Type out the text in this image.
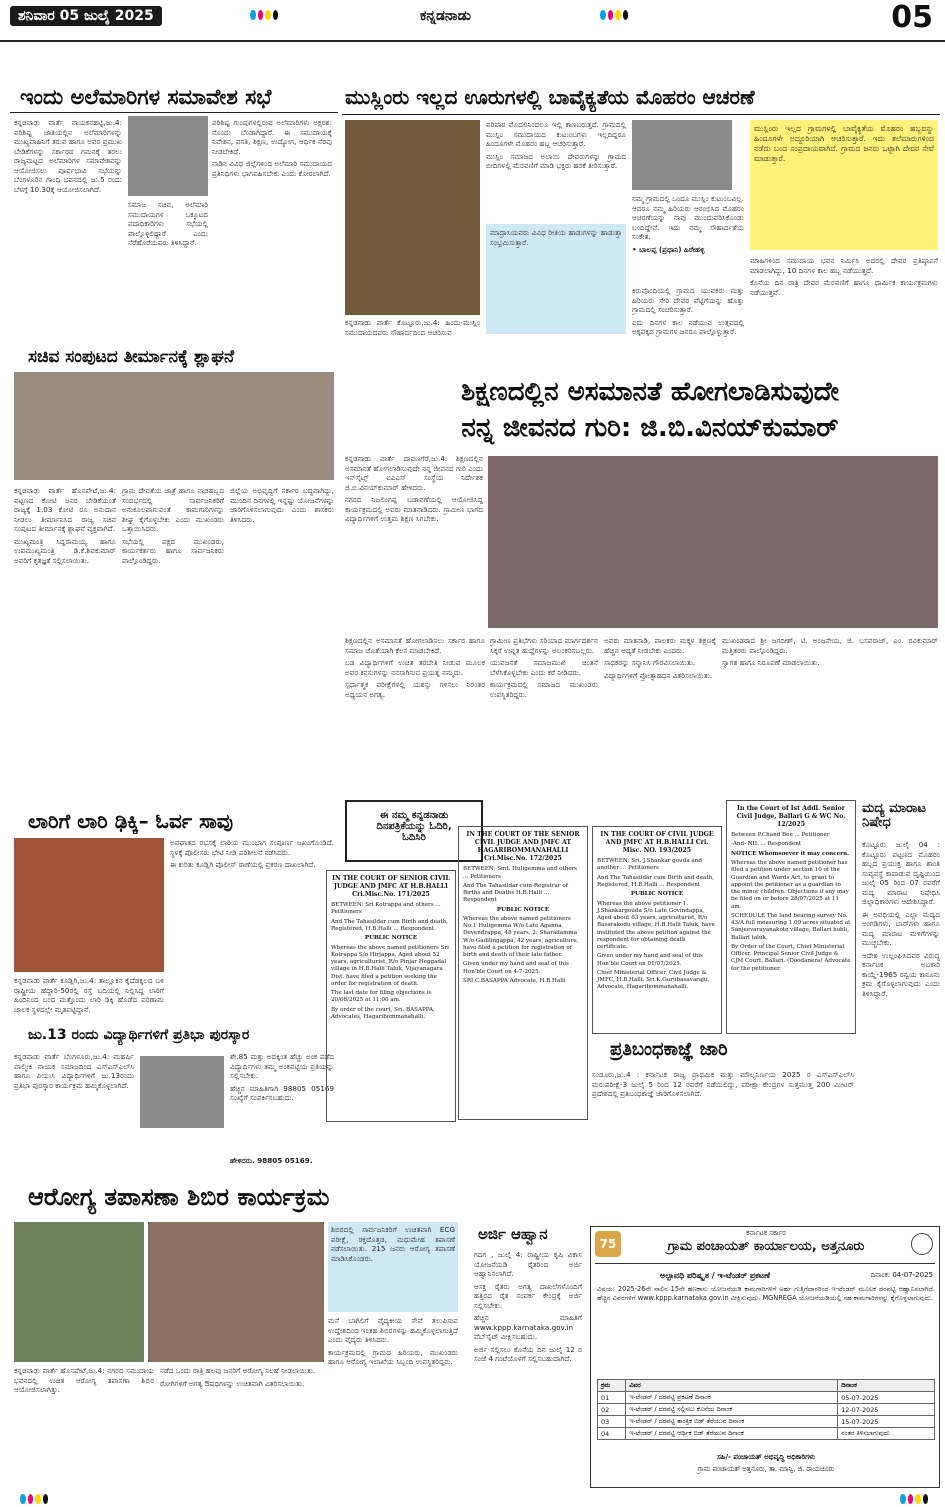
ಶನಿವಾರ 05 ಜುಲೈ 2025	ಕನ್ನಡನಾಡು	05
ಇಂದು ಅಲೆಮಾರಿಗಳ ಸಮಾವೇಶ ಸಭೆ

ಕನ್ನಡನಾಡು ವಾರ್ತೆ ನಾಯಕನಹಟ್ಟಿ,ಜು.4: ಪರಿಶಿಷ್ಟ ಜಾತಿಯಲ್ಲಿನ ಅಲೆಮಾರಿಗಳನ್ನು ಮುಖ್ಯವಾಹಿನಿಗೆ ತರುವ ಹಾಗೂ ಅವರ ಪ್ರಮುಖ ಬೇಡಿಕೆಗಳನ್ನು ಸರ್ಕಾರದ ಗಮನಕ್ಕೆ ತರಲು ರಾಜ್ಯಮಟ್ಟದ ಅಲೆಮಾರಿಗಳ ಸಮಾವೇಶವನ್ನು ಆಯೋಜಿಸಲು ಪೂರ್ವಭಾವಿ ಸಭೆಯನ್ನು ಬೆಂಗಳೂರಿನ ಗಾಂಧಿ ಭವನದಲ್ಲಿ ಜು.5 ರಂದು ಬೆಳಗ್ಗೆ 10.30ಕ್ಕೆ ಆಯೋಜಿಸಲಾಗಿದೆ.

ಪರಿಶಿಷ್ಟ ಗುಂಪುಗಳಲ್ಲಿರುವ ಅಲೆಮಾರಿಗಳು ಅಕ್ಷರಶ: ನೊಂದು ಬೆಂಡಾಗಿದ್ದಾರೆ. ಈ ಸಮುದಾಯಕ್ಕೆ ನಿವೇಶನ, ವಸತಿ, ಶಿಕ್ಷಣ, ಉದ್ಯೋಗ, ಆರ್ಥಿಕ ನೆರವು ನೀಡಬೇಕಿದೆ.

ನಾಡಿನ ವಿವಿಧ ಜಿಲ್ಲೆಗಳಿಂದ ಅಲೆಮಾರಿ ಸಮುದಾಯದ ಪ್ರತಿನಿಧಿಗಳು ಭಾಗವಹಿಸಬೇಕು ಎಂದು ಕೋರಲಾಗಿದೆ.

ಸಮಾಜ ಸಚಿವ, ಅಲೆಮಾರಿ ಸಮುದಾಯಗಳ ಒಕ್ಕೂಟದ ಪದಾಧಿಕಾರಿಗಳು ಸಭೆಯಲ್ಲಿ ಪಾಲ್ಗೊಳ್ಳಲಿದ್ದಾರೆ ಎಂದು ನೆರೆಹೊರೆಯವರು ತಿಳಿಸಿದ್ದಾರೆ.

ಮುಸ್ಲಿಂರು ಇಲ್ಲದ ಊರುಗಳಲ್ಲಿ ಬಾವೈಕ್ಯತೆಯ ಮೊಹರಂ ಆಚರಣೆ
ಕನ್ನಡನಾಡು ವಾರ್ತೆ ಕೊಟ್ಟೂರು,ಜು.4: ಹಿಂದು-ಮುಸ್ಲಿಂ ಸಮುದಾಯದವರು ಸೌಹಾರ್ದದಿಂದ ಆಚರಿಸುವ

ಪರಿಪಾಠ ಮೊದಲಿನಿಂದಲೂ ಇಲ್ಲಿ ಕಾಣಬರುತ್ತದೆ. ಗ್ರಾಮದಲ್ಲಿ ಮುಸ್ಲಿಂ ಸಮುದಾಯದ ಕುಟುಂಬಗಳು ಇಲ್ಲದಿದ್ದರೂ ಹಿಂದೂಗಳೇ ಮೊಹರಂ ಹಬ್ಬ ಆಚರಿಸುತ್ತಾರೆ.

ಮುಸ್ಲಿಂ ಸಮಾಜದ ಅಲಾಯಿ ದೇವರುಗಳನ್ನು ಗ್ರಾಮದ ಬೀದಿಗಳಲ್ಲಿ ಮೆರವಣಿಗೆ ಮಾಡಿ ಭಕ್ತರು ಹರಕೆ ತೀರಿಸುತ್ತಾರೆ.

ಮಾದ್ರಾಸಿಯವರು ವಿವಿಧ ರೀತಿಯ ಹಾಡುಗಳನ್ನು ಹಾಡುತ್ತಾ ಸಂಭ್ರಮಿಸುತ್ತಾರೆ.

ನಮ್ಮ ಗ್ರಾಮದಲ್ಲಿ ಒಂದೂ ಮುಸ್ಲಿಂ ಕುಟುಂಬವಿಲ್ಲ. ಆದರೂ ನಮ್ಮ ಹಿರಿಯರು ಆರಂಭಿಸಿದ ಮೊಹರಂ ಆಚರಣೆಯನ್ನು ನಾವು ಮುಂದುವರಿಸಿಕೊಂಡು ಬಂದಿದ್ದೇವೆ. ಇದು ನಮ್ಮ ಸೌಹಾರ್ದತೆಯ ಸಂಕೇತ.

• ಬಾಲಪ್ಪ (ಪ್ರಧಾನಿ) ಹಿರೇಹಳ್ಳಿ

ಕಿರುವೊಂದಿಯಲ್ಲಿ ಗ್ರಾಮದ ಯುವಕರು ಮತ್ತು ಹಿರಿಯರು ಸೇರಿ ದೇವರ ಪೆಟ್ಟಿಗೆಯನ್ನು ಹೊತ್ತು ಗ್ರಾಮದಲ್ಲಿ ಸಂಚರಿಸುತ್ತಾರೆ.

ಐದು ದಿನಗಳ ಕಾಲ ನಡೆಯುವ ಉತ್ಸವದಲ್ಲಿ ಅಕ್ಕಪಕ್ಕದ ಗ್ರಾಮಗಳ ಜನರೂ ಪಾಲ್ಗೊಳ್ಳುತ್ತಾರೆ.

ಮುಸ್ಲಿಂರು ಇಲ್ಲದ ಗ್ರಾಮಗಳಲ್ಲಿ ಬಾವೈಕ್ಯತೆಯ ಮೊಹರಂ ಹಬ್ಬವನ್ನು ಹಿಂದೂಗಳೇ ಅದ್ದೂರಿಯಾಗಿ ಆಚರಿಸುತ್ತಾರೆ. ಇದು ತಲೆಮಾರುಗಳಿಂದ ನಡೆದು ಬಂದ ಸಂಪ್ರದಾಯವಾಗಿದೆ. ಗ್ರಾಮದ ಜನರು ಒಟ್ಟಾಗಿ ದೇವರ ಸೇವೆ ಮಾಡುತ್ತಾರೆ.

ಮಾಹಿಗಳಿಂದ ಸಮುದಾಯ ಭವನ ನಿರ್ಮಿಸಿ ಅದರಲ್ಲಿ ದೇವರ ಪ್ರತಿಷ್ಠಾಪನೆ ಮಾಡಲಾಗಿದ್ದು, 10 ದಿನಗಳ ಕಾಲ ಹಬ್ಬ ನಡೆಯುತ್ತದೆ.

ಕೊನೆಯ ದಿನ ರಾತ್ರಿ ದೇವರ ಮೆರವಣಿಗೆ ಹಾಗೂ ಧಾರ್ಮಿಕ ಕಾರ್ಯಕ್ರಮಗಳು ನಡೆಯುತ್ತವೆ.

ಸಚಿವ ಸಂಪುಟದ ತೀರ್ಮಾನಕ್ಕೆ ಶ್ಲಾಘನೆ

ಕನ್ನಡನಾಡು ವಾರ್ತೆ ಹೊಸಪೇಟೆ,ಜು.4: ಪಟ್ಟಣದ ಕೋಟಿ ಜನರ ಬೇಡಿಕೆಯಂತೆ ರಾಜ್ಯಕ್ಕೆ 1.03 ಕೋಟಿ ರೂ ಅನುದಾನ ನೀಡಲು ತೀರ್ಮಾನಿಸಿದ ರಾಜ್ಯ ಸಚಿವ ಸಂಪುಟದ ತೀರ್ಮಾನಕ್ಕೆ ಶ್ಲಾಘನೆ ವ್ಯಕ್ತವಾಗಿದೆ.

ಮುಖ್ಯಮಂತ್ರಿ ಸಿದ್ದರಾಮಯ್ಯ ಹಾಗೂ ಉಪಮುಖ್ಯಮಂತ್ರಿ ಡಿ.ಕೆ.ಶಿವಕುಮಾರ್ ಅವರಿಗೆ ಕೃತಜ್ಞತೆ ಸಲ್ಲಿಸಲಾಯಿತು.

ಗ್ರಾಮ ದೇವತೆಯ ಜಾತ್ರೆ ಹಾಗೂ ನಾಡಹಬ್ಬದ ಸಂದರ್ಭದಲ್ಲಿ ಸಾರ್ವಜನಿಕರಿಗೆ ಅನುಕೂಲವಾಗುವಂತೆ ಕಾಮಗಾರಿಗಳನ್ನು ಶೀಘ್ರ ಕೈಗೊಳ್ಳಬೇಕು ಎಂದು ಮುಖಂಡರು ಒತ್ತಾಯಿಸಿದರು.

ಸಭೆಯಲ್ಲಿ ಪಕ್ಷದ ಮುಖಂಡರು, ಕಾರ್ಯಕರ್ತರು ಹಾಗೂ ಸಾರ್ವಜನಿಕರು ಪಾಲ್ಗೊಂಡಿದ್ದರು.

ಜಿಲ್ಲೆಯ ಅಭಿವೃದ್ಧಿಗೆ ಸರ್ಕಾರ ಬದ್ಧವಾಗಿದ್ದು, ಮುಂದಿನ ದಿನಗಳಲ್ಲಿ ಇನ್ನಷ್ಟು ಯೋಜನೆಗಳನ್ನು ಜಾರಿಗೊಳಿಸಲಾಗುವುದು ಎಂದು ಶಾಸಕರು ತಿಳಿಸಿದರು.

ಶಿಕ್ಷಣದಲ್ಲಿನ ಅಸಮಾನತೆ ಹೋಗಲಾಡಿಸುವುದೇ
ನನ್ನ ಜೀವನದ ಗುರಿ: ಜಿ.ಬಿ.ವಿನಯ್‌ಕುಮಾರ್

ಕನ್ನಡನಾಡು ವಾರ್ತೆ ದಾವಣಗೆರೆ,ಜು.4: ಶಿಕ್ಷಣದಲ್ಲಿನ ಅಸಮಾನತೆ ಹೋಗಲಾಡಿಸುವುದೇ ನನ್ನ ಜೀವನದ ಗುರಿ ಎಂದು ಇನ್‌ಸೈಟ್ಸ್ ಐಎಎಸ್ ಸಂಸ್ಥೆಯ ನಿರ್ದೇಶಕ ಜಿ.ಬಿ.ವಿನಯ್‌ಕುಮಾರ್ ಹೇಳಿದರು.

ನಗರದ ನಿಜಲಿಂಗಪ್ಪ ಬಡಾವಣೆಯಲ್ಲಿ ಆಯೋಜಿಸಿದ್ದ ಕಾರ್ಯಕ್ರಮದಲ್ಲಿ ಅವರು ಮಾತನಾಡಿದರು. ಗ್ರಾಮೀಣ ಭಾಗದ ವಿದ್ಯಾರ್ಥಿಗಳಿಗೆ ಉತ್ತಮ ಶಿಕ್ಷಣ ಸಿಗಬೇಕು.

ಶಿಕ್ಷಣದಲ್ಲಿನ ಅಸಮಾನತೆ ಹೋಗಲಾಡಿಸಲು ಸರ್ಕಾರ ಹಾಗೂ ಸಮಾಜ ಜೊತೆಯಾಗಿ ಕೆಲಸ ಮಾಡಬೇಕಿದೆ.

ಬಡ ವಿದ್ಯಾರ್ಥಿಗಳಿಗೆ ಉಚಿತ ತರಬೇತಿ ನೀಡುವ ಮೂಲಕ ಅವರ ಕನಸುಗಳನ್ನು ನನಸಾಗಿಸುವ ಪ್ರಯತ್ನ ನಮ್ಮದು.

ಸ್ಪರ್ಧಾತ್ಮಕ ಪರೀಕ್ಷೆಗಳಲ್ಲಿ ಯಶಸ್ಸು ಗಳಿಸಲು ನಿರಂತರ ಅಧ್ಯಯನ ಅಗತ್ಯ.

ಗ್ರಾಮೀಣ ಪ್ರತಿಭೆಗಳು ಸರಿಯಾದ ಮಾರ್ಗದರ್ಶನ ಸಿಕ್ಕರೆ ಉನ್ನತ ಹುದ್ದೆಗಳನ್ನು ಅಲಂಕರಿಸಬಲ್ಲರು.

ಯುವಜನತೆ ಸಮಾಜಮುಖಿ ಚಿಂತನೆ ಬೆಳೆಸಿಕೊಳ್ಳಬೇಕು ಎಂದು ಕರೆ ನೀಡಿದರು.

ಕಾರ್ಯಕ್ರಮದಲ್ಲಿ ಸಮಾಜದ ಮುಖಂಡರು ಉಪಸ್ಥಿತರಿದ್ದರು.

ಅವರು ಮಾತನಾಡಿ, ಪಾಲಕರು ಮಕ್ಕಳ ಶಿಕ್ಷಣಕ್ಕೆ ಹೆಚ್ಚಿನ ಆದ್ಯತೆ ನೀಡಬೇಕು ಎಂದರು.

ಸಾಧಕರನ್ನು ಸನ್ಮಾನಿಸಿ ಗೌರವಿಸಲಾಯಿತು.

ವಿದ್ಯಾರ್ಥಿಗಳಿಗೆ ಪ್ರೋತ್ಸಾಹಧನ ವಿತರಿಸಲಾಯಿತು.

ಮುಖಂಡರಾದ ಶ್ರೀ ಜಗದೀಶ್, ಟಿ. ಅಂಜನೇಯ, ಜಿ. ಬಸವರಾಜ್, ಎಂ. ರವಿಕುಮಾರ್ ಮತ್ತಿತರರು ಪಾಲ್ಗೊಂಡಿದ್ದರು.

ಸ್ವಾಗತ ಹಾಗೂ ನಿರೂಪಣೆ ಮಾಡಲಾಯಿತು.

ಲಾರಿಗೆ ಲಾರಿ ಢಿಕ್ಕಿ– ಓರ್ವ ಸಾವು

ಅಪಘಾತದ ರಭಸಕ್ಕೆ ಲಾರಿಯ ಮುಂಭಾಗ ಸಂಪೂರ್ಣ ಜಖಂಗೊಂಡಿದೆ. ಸ್ಥಳಕ್ಕೆ ಪೊಲೀಸರು ಭೇಟಿ ನೀಡಿ ಪರಿಶೀಲನೆ ನಡೆಸಿದರು.

ಈ ಕುರಿತು ಕೂಡ್ಲಿಗಿ ಪೊಲೀಸ್ ಠಾಣೆಯಲ್ಲಿ ಪ್ರಕರಣ ದಾಖಲಾಗಿದೆ.

ಕನ್ನಡನಾಡು ವಾರ್ತೆ ಕೂಡ್ಲಿಗಿ,ಜು.4: ತಾಲ್ಲೂಕಿನ ಕೈದೆಡಕ್ಕಲದ ಬಳಿ ರಾಷ್ಟ್ರೀಯ ಹೆದ್ದಾರಿ-50ರಲ್ಲಿ ರಸ್ತೆ ಬದಿಯಲ್ಲಿ ನಿಲ್ಲಿಸಿದ್ದ ಲಾರಿಗೆ ಹಿಂದಿನಿಂದ ಬಂದ ಮತ್ತೊಂದು ಲಾರಿ ಢಿಕ್ಕಿ ಹೊಡೆದ ಪರಿಣಾಮ ಚಾಲಕ ಸ್ಥಳದಲ್ಲೇ ಮೃತಪಟ್ಟಿದ್ದಾನೆ.

ಜು.13 ರಂದು ವಿದ್ಯಾರ್ಥಿಗಳಿಗೆ ಪ್ರತಿಭಾ ಪುರಸ್ಕಾರ

ಕನ್ನಡನಾಡು ವಾರ್ತೆ ಬೆಂಗಳೂರು,ಜು.4: ಮಹರ್ಷಿ ವಾಲ್ಮೀಕಿ ನಾಯಕ ಸಮಾಜದಿಂದ ಎಸ್ಎಸ್ಎಲ್‌ಸಿ ಹಾಗೂ ಪಿಯುಸಿ ವಿದ್ಯಾರ್ಥಿಗಳಿಗೆ ಜು.13ರಂದು ಪ್ರತಿಭಾ ಪುರಸ್ಕಾರ ಕಾರ್ಯಕ್ರಮ ಹಮ್ಮಿಕೊಳ್ಳಲಾಗಿದೆ.

ಶೇ.85 ಮತ್ತು ಅದಕ್ಕಿಂತ ಹೆಚ್ಚು ಅಂಕ ಪಡೆದ ವಿದ್ಯಾರ್ಥಿಗಳು ತಮ್ಮ ಅಂಕಪಟ್ಟಿಯ ಪ್ರತಿಯನ್ನು ಸಲ್ಲಿಸಬೇಕು.

ಹೆಚ್ಚಿನ ಮಾಹಿತಿಗಾಗಿ 98805 05169 ಸಂಖ್ಯೆಗೆ ಸಂಪರ್ಕಿಸಬಹುದು.

ಹೇಳಿದರು. 98805 05169.
ಈ ನಮ್ಮ ಕನ್ನಡನಾಡು
ದಿನಪತ್ರಿಕೆಯನ್ನು ಓದಿರಿ,
ಓದಿಸಿರಿ
IN THE COURT OF SENIOR CIVIL JUDGE AND JMFC AT H.B.HALLI Cri.Misc.No. 171/2025

BETWEEN: Sri Kotrappa and others ... Petitioners

And The Tahasildar cum Birth and death, Registered, H.B.Halli ... Respondent

PUBLIC NOTICE

Whereas the above named petitioners Sri Kotrappa S/o Hirjappa, Aged about 52 years, agriculturist, R/o Pinjar Heggadal village in H.B.Halli Taluk, Vijayanagara Dist. have filed a petition seeking the order for registration of death.

The last date for filing objections is 20/08/2025 at 11:00 am.

By order of the court, Sri. BASAPPA, Advocates, Hagaribommanahalli.

IN THE COURT OF THE SENIOR CIVIL JUDGE AND JMFC AT HAGARIBOMMANAHALLI Cri.Misc.No. 172/2025

BETWEEN: Smt. Huligemma and others ... Petitioners

And The Tahasildar-cum-Registrar of Births and Deaths H.B.Halli ... Respondent

PUBLIC NOTICE

Whereas the above named petitioners No.1 Huligemma W/o Late Aganna Devendrappa, 48 years, 2. Sharadamma W/o Gadilingappa, 42 years, agriculture, have filed a petition for registration of birth and death of their late father.

Given under my hand and seal of this Hon'ble Court on 4-7-2025.

SRI.C.BASAPPA Advocate, H.B.Halli

IN THE COURT OF CIVIL JUDGE AND JMFC AT H.B.HALLI Cri. Misc. NO. 193/2025

BETWEEN: Sri. J.Shankar gouda and another ... Petitioners

And The Tahasildar cum Birth and death, Registered, H.B.Halli ... Respondent

PUBLIC NOTICE

Whereas the above petitioner 1. J.Shankargouda S/o Late Govindappa, Aged about 63 years, agriculturist, R/o Basarakodu village, H.B.Halli Taluk, have instituted the above petition against the respondent for obtaining death certificate.

Given under my hand and seal of this Hon'ble Court on 01/07/2025.

Chief Ministerial Officer, Civil Judge & JMFC, H.B.Halli. Sri.K.Gurubasavaraju, Advocate, Hagaribommanahalli.

In the Court of Ist Addl. Senior Civil Judge, Ballari G & WC No. 12/2025

Between P.Chand Bee ... Petitioner

-And- NIL ... Respondent

NOTICE Whomsoever it may concern.

Whereas the above named petitioner has filed a petition under section 10 of the Guardian and Wards Act, to grant to appoint the petitioner as a guardian to the minor children. Objections if any may be filed on or before 28/07/2025 at 11 am.

SCHEDULE The land bearing survey No. 43/A full measuring 1.09 acres situated at Sanjeevarayanakote village, Ballari hobli, Ballari taluk.

By Order of the Court, Chief Ministerial Officer, Principal Senior Civil Judge & CJM Court, Ballari. (Doodanera) Advocate for the petitioner.

ಮದ್ಯ ಮಾರಾಟ ನಿಷೇಧ

ಕೊಟ್ಟೂರು ಜುಲೈ 04 : ಕೊಟ್ಟೂರು ಪಟ್ಟಣದ ಮೊಹರಂ ಹಬ್ಬದ ಪ್ರಯುಕ್ತ ಹಾಗೂ ಶಾಂತಿ ಸುವ್ಯವಸ್ಥೆ ಕಾಪಾಡುವ ದೃಷ್ಟಿಯಿಂದ ಜುಲೈ 05 ರಿಂದ 07 ರವರೆಗೆ ಮದ್ಯ ಮಾರಾಟ ನಿಷೇಧಿಸಿ ಜಿಲ್ಲಾಧಿಕಾರಿಗಳು ಆದೇಶಿಸಿದ್ದಾರೆ.

ಈ ಅವಧಿಯಲ್ಲಿ ಎಲ್ಲಾ ಮದ್ಯದ ಅಂಗಡಿಗಳು, ಬಾರ್‌ಗಳು ಹಾಗೂ ಮದ್ಯ ಮಾರಾಟ ಮಳಿಗೆಗಳನ್ನು ಮುಚ್ಚಬೇಕು.

ಆದೇಶ ಉಲ್ಲಂಘಿಸಿದವರ ವಿರುದ್ಧ ಕರ್ನಾಟಕ ಅಬಕಾರಿ ಕಾಯ್ದೆ-1965 ರನ್ವಯ ಕಾನೂನು ಕ್ರಮ ಕೈಗೊಳ್ಳಲಾಗುವುದು ಎಂದು ತಿಳಿಸಿದ್ದಾರೆ.

ಪ್ರತಿಬಂಧಕಾಜ್ಞೆ ಜಾರಿ
ಸಂಡೂರು,ಜು.4 : ಕರ್ನಾಟಕ ರಾಜ್ಯ ಪ್ರಾಥಮಿಕ ಮತ್ತು ಮೌಲ್ಯನಿರ್ಣಯ 2025 ರ ಎಸ್ಎಸ್ಎಲ್‌ಸಿ ಮರುಪರೀಕ್ಷೆ-3 ಜುಲೈ 5 ರಿಂದ 12 ರವರೆಗೆ ನಡೆಯಲಿದ್ದು, ಪರೀಕ್ಷಾ ಕೇಂದ್ರಗಳ ಸುತ್ತಮುತ್ತ 200 ಮೀಟರ್ ಪ್ರದೇಶದಲ್ಲಿ ಪ್ರತಿಬಂಧಕಾಜ್ಞೆ ಜಾರಿಗೊಳಿಸಲಾಗಿದೆ.
ಆರೋಗ್ಯ ತಪಾಸಣಾ ಶಿಬಿರ ಕಾರ್ಯಕ್ರಮ
ಶಿಬಿರದಲ್ಲಿ ಸಾರ್ವಜನಿಕರಿಗೆ ಉಚಿತವಾಗಿ ECG ಪರೀಕ್ಷೆ, ರಕ್ತದೊತ್ತಡ, ಮಧುಮೇಹ ತಪಾಸಣೆ ನಡೆಸಲಾಯಿತು. 215 ಜನರು ಆರೋಗ್ಯ ತಪಾಸಣೆ ಮಾಡಿಸಿಕೊಂಡರು.
ಕನ್ನಡನಾಡು ವಾರ್ತೆ ಹೊಸಪೇಟೆ,ಜು.4: ನಗರದ ಸಮುದಾಯ ಭವನದಲ್ಲಿ ಉಚಿತ ಆರೋಗ್ಯ ತಪಾಸಣಾ ಶಿಬಿರ ಆಯೋಜಿಸಲಾಗಿತ್ತು.

ನಡೆದ ಒಂದು ರಾತ್ರಿ ಹಲವು ಜನರಿಗೆ ಆರೋಗ್ಯ ಸಲಹೆ ನೀಡಲಾಯಿತು.

ರೋಗಿಗಳಿಗೆ ಅಗತ್ಯ ಔಷಧಿಗಳನ್ನು ಉಚಿತವಾಗಿ ವಿತರಿಸಲಾಯಿತು.

ಮನೆ ಬಾಗಿಲಿಗೆ ವೈದ್ಯಕೀಯ ಸೇವೆ ತಲುಪಿಸುವ ಉದ್ದೇಶದಿಂದ ಇಂತಹ ಶಿಬಿರಗಳನ್ನು ಹಮ್ಮಿಕೊಳ್ಳಲಾಗುತ್ತಿದೆ ಎಂದು ವೈದ್ಯರು ತಿಳಿಸಿದರು.

ಕಾರ್ಯಕ್ರಮದಲ್ಲಿ ಗ್ರಾಮದ ಹಿರಿಯರು, ಮುಖಂಡರು ಹಾಗೂ ಆರೋಗ್ಯ ಇಲಾಖೆಯ ಸಿಬ್ಬಂದಿ ಉಪಸ್ಥಿತರಿದ್ದರು.

ಅರ್ಜಿ ಆಹ್ವಾನ

ಗದಗ , ಜುಲೈ 4: ರಾಷ್ಟ್ರೀಯ ಕೃಷಿ ವಿಕಾಸ ಯೋಜನೆಯಡಿ ರೈತರಿಂದ ಅರ್ಜಿ ಆಹ್ವಾನಿಸಲಾಗಿದೆ.

ಆಸಕ್ತ ರೈತರು ಅಗತ್ಯ ದಾಖಲೆಗಳೊಂದಿಗೆ ಹತ್ತಿರದ ರೈತ ಸಂಪರ್ಕ ಕೇಂದ್ರಕ್ಕೆ ಅರ್ಜಿ ಸಲ್ಲಿಸಬೇಕು.

ಹೆಚ್ಚಿನ ಮಾಹಿತಿಗೆ www.kppp.karnataka.gov.in ವೆಬ್‌ಸೈಟ್ ವೀಕ್ಷಿಸಬಹುದು.

ಅರ್ಜಿ ಸಲ್ಲಿಸಲು ಕೊನೆಯ ದಿನ ಜುಲೈ 12 ರ ಸಂಜೆ 4 ಗಂಟೆಯೊಳಗೆ ಸಲ್ಲಿಸಬಹುದಾಗಿದೆ.

75
ಕರ್ನಾಟಕ ಸರ್ಕಾರ
ಗ್ರಾಮ ಪಂಚಾಯತ್ ಕಾರ್ಯಾಲಯ, ಅತ್ತನೂರು
ಅಲ್ಪಾವಧಿ ಪರಿಷ್ಕೃತ / ಇ-ಟೆಂಡರ್ ಪ್ರಕಟಣೆ	ದಿನಾಂಕ: 04-07-2025
ವಿಷಯ: 2025-26ನೇ ಸಾಲಿನ 15ನೇ ಹಣಕಾಸು ಯೋಜನೆಯಡಿ ಕಾಮಗಾರಿಗಳಿಗೆ ಅರ್ಹ ಗುತ್ತಿಗೆದಾರರಿಂದ ಇ-ಟೆಂಡರ್ ಮೂಲಕ ದರಪಟ್ಟಿ ಆಹ್ವಾನಿಸಲಾಗಿದೆ. ಹೆಚ್ಚಿನ ವಿವರಗಳಿಗೆ www.kppp.karnataka.gov.in ವೀಕ್ಷಿಸುವುದು. MGNREGA ಯೋಜನೆಯಡಿಯಲ್ಲಿ ಸಹ ಕಾಮಗಾರಿಗಳನ್ನು ಕೈಗೊಳ್ಳಲಾಗುವುದು.
ಕ್ರಮ	ವಿವರ	ದಿನಾಂಕ
01	ಇ-ಟೆಂಡರ್ / ದರಪಟ್ಟಿ ಪ್ರಕಟಣೆ ದಿನಾಂಕ	05-07-2025
02	ಇ-ಟೆಂಡರ್ / ದರಪಟ್ಟಿ ಸಲ್ಲಿಸಲು ಕೊನೆಯ ದಿನಾಂಕ	12-07-2025
03	ಇ-ಟೆಂಡರ್ / ದರಪಟ್ಟಿ ತಾಂತ್ರಿಕ ಬಿಡ್ ತೆರೆಯುವ ದಿನಾಂಕ	15-07-2025
04	ಇ-ಟೆಂಡರ್ / ದರಪಟ್ಟಿ ಆರ್ಥಿಕ ಬಿಡ್ ತೆರೆಯುವ ದಿನಾಂಕ	ನಂತರ ತಿಳಿಸಲಾಗುವುದು
ಸಹಿ/- ಪಂಚಾಯತ್ ಅಭಿವೃದ್ಧಿ ಅಧಿಕಾರಿಗಳು
ಗ್ರಾಮ ಪಂಚಾಯತ್ ಅತ್ತನೂರು, ತಾ. ಮಾನ್ವಿ, ಜಿ. ರಾಯಚೂರು
